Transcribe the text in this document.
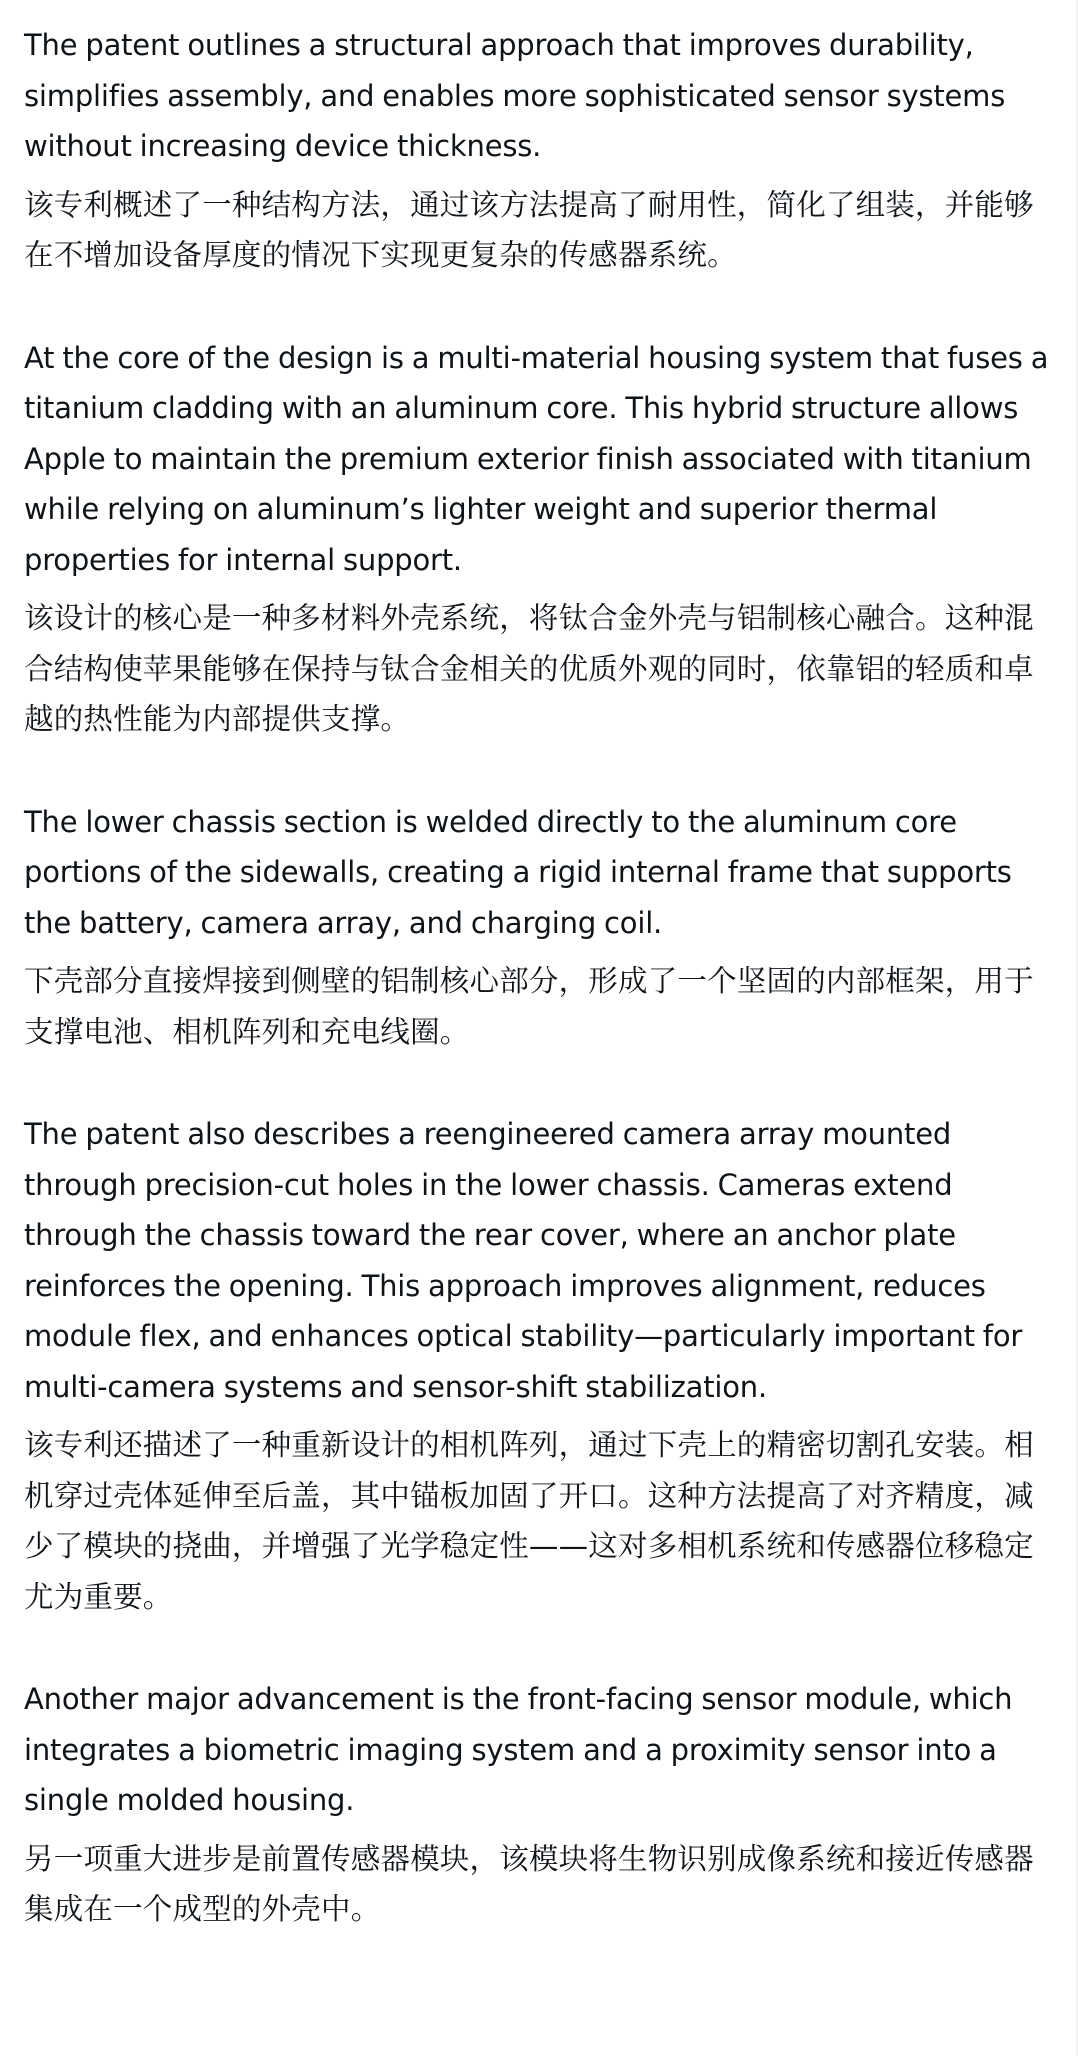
The patent outlines a structural approach that improves durability, simplifies assembly, and enables more sophisticated sensor systems without increasing device thickness.

该专利概述了一种结构方法，通过该方法提高了耐用性，简化了组装，并能够在不增加设备厚度的情况下实现更复杂的传感器系统。

At the core of the design is a multi-material housing system that fuses a titanium cladding with an aluminum core. This hybrid structure allows Apple to maintain the premium exterior finish associated with titanium while relying on aluminum’s lighter weight and superior thermal properties for internal support.

该设计的核心是一种多材料外壳系统，将钛合金外壳与铝制核心融合。这种混合结构使苹果能够在保持与钛合金相关的优质外观的同时，依靠铝的轻质和卓越的热性能为内部提供支撑。

The lower chassis section is welded directly to the aluminum core portions of the sidewalls, creating a rigid internal frame that supports the battery, camera array, and charging coil.

下壳部分直接焊接到侧壁的铝制核心部分，形成了一个坚固的内部框架，用于支撑电池、相机阵列和充电线圈。

The patent also describes a reengineered camera array mounted through precision-cut holes in the lower chassis. Cameras extend through the chassis toward the rear cover, where an anchor plate reinforces the opening. This approach improves alignment, reduces module flex, and enhances optical stability—particularly important for multi-camera systems and sensor-shift stabilization.

该专利还描述了一种重新设计的相机阵列，通过下壳上的精密切割孔安装。相机穿过壳体延伸至后盖，其中锚板加固了开口。这种方法提高了对齐精度，减少了模块的挠曲，并增强了光学稳定性——这对多相机系统和传感器位移稳定尤为重要。

Another major advancement is the front-facing sensor module, which integrates a biometric imaging system and a proximity sensor into a single molded housing.

另一项重大进步是前置传感器模块，该模块将生物识别成像系统和接近传感器集成在一个成型的外壳中。
